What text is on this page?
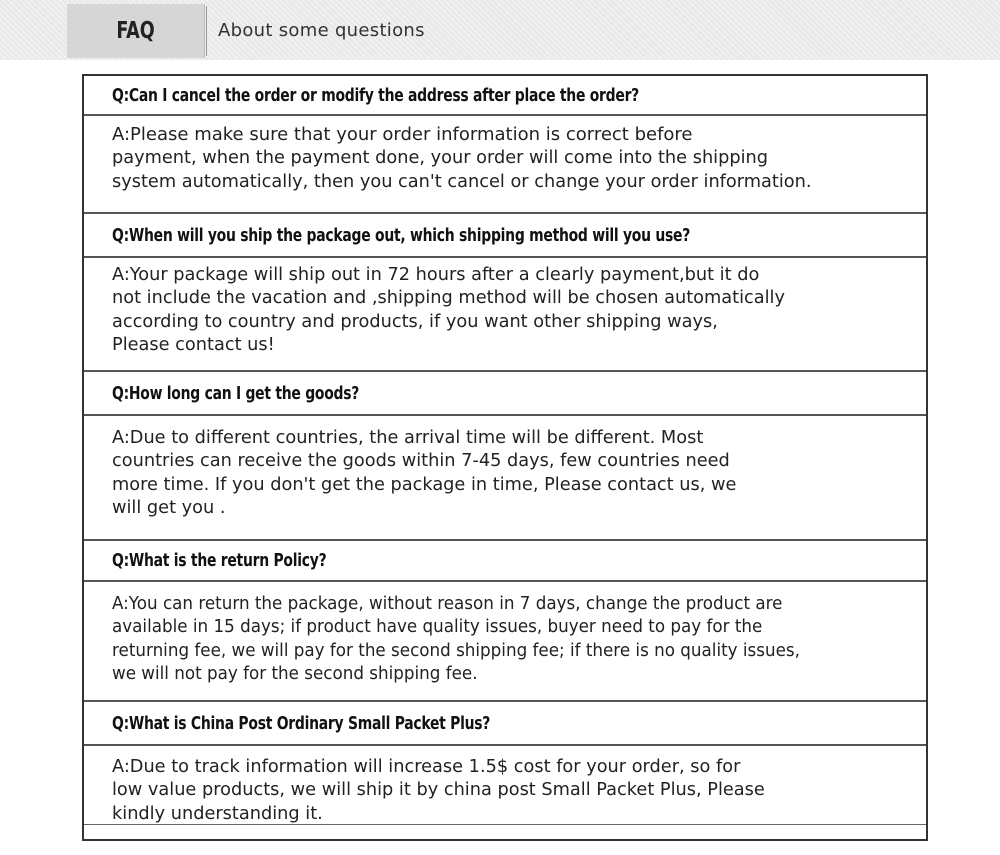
FAQ	About some questions
Q:Can I cancel the order or modify the address after place the order?
A:Please make sure that your order information is correct before
payment, when the payment done, your order will come into the shipping
system automatically, then you can't cancel or change your order information.
Q:When will you ship the package out, which shipping method will you use?
A:Your package will ship out in 72 hours after a clearly payment,but it do
not include the vacation and ,shipping method will be chosen automatically
according to country and products, if you want other shipping ways,
Please contact us!
Q:How long can I get the goods?
A:Due to different countries, the arrival time will be different. Most
countries can receive the goods within 7-45 days, few countries need
more time. If you don't get the package in time, Please contact us, we
will get you .
Q:What is the return Policy?
A:You can return the package, without reason in 7 days, change the product are
available in 15 days; if product have quality issues, buyer need to pay for the
returning fee, we will pay for the second shipping fee; if there is no quality issues,
we will not pay for the second shipping fee.
Q:What is China Post Ordinary Small Packet Plus?
A:Due to track information will increase 1.5$ cost for your order, so for
low value products, we will ship it by china post Small Packet Plus, Please
kindly understanding it.
